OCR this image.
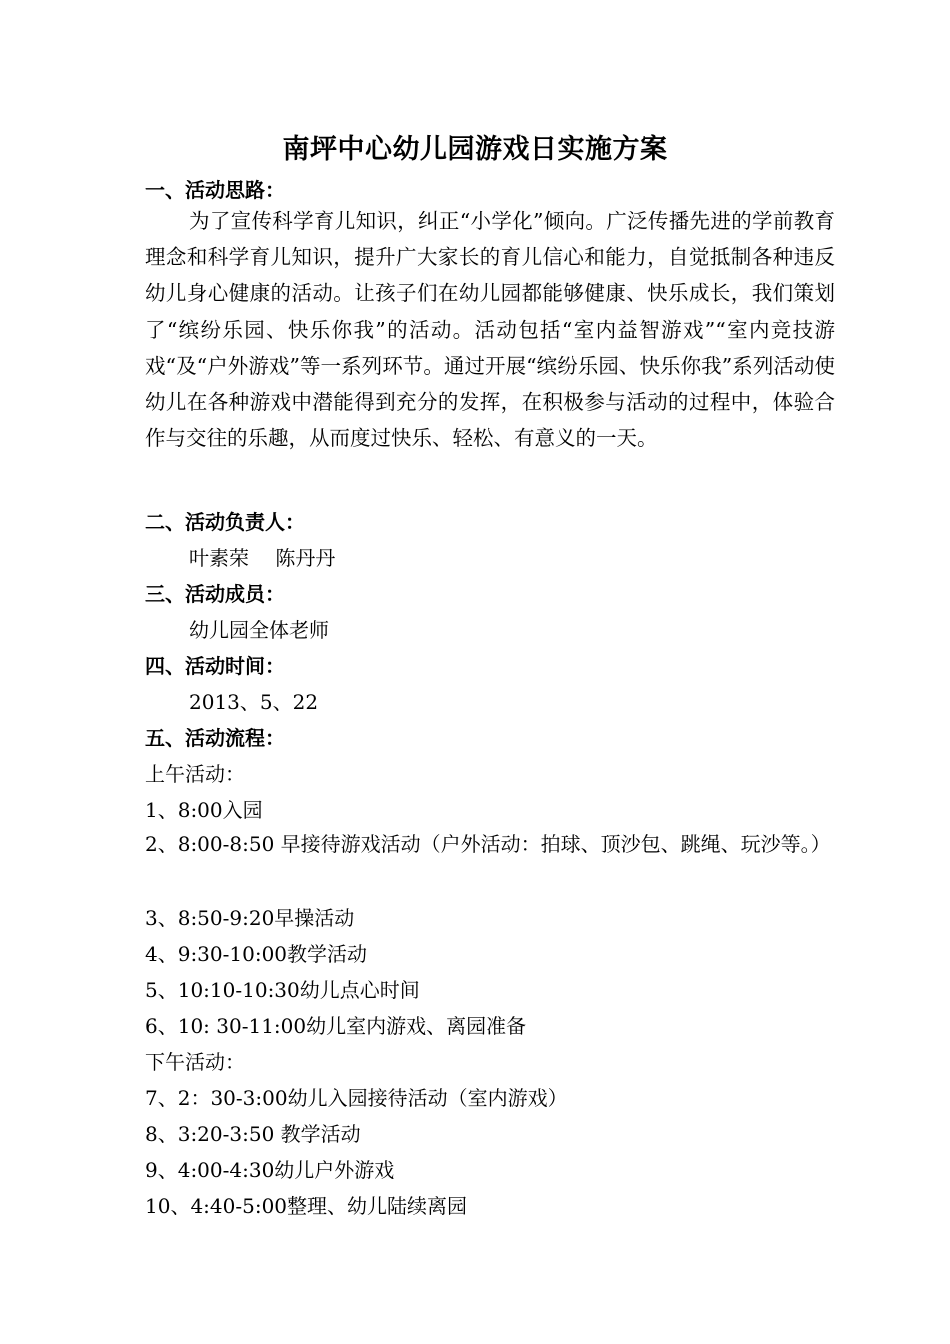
南坪中心幼儿园游戏日实施方案
一、活动思路：

为了宣传科学育儿知识，纠正“小学化”倾向。广泛传播先进的学前教育理念和科学育儿知识，提升广大家长的育儿信心和能力，自觉抵制各种违反幼儿身心健康的活动。让孩子们在幼儿园都能够健康、快乐成长，我们策划了“缤纷乐园、快乐你我”的活动。活动包括“室内益智游戏”“室内竞技游戏“及“户外游戏”等一系列环节。通过开展“缤纷乐园、快乐你我”系列活动使幼儿在各种游戏中潜能得到充分的发挥，在积极参与活动的过程中，体验合作与交往的乐趣，从而度过快乐、轻松、有意义的一天。

二、活动负责人：
叶素荣　 陈丹丹
三、活动成员：
幼儿园全体老师
四、活动时间：
2013、5、22
五、活动流程：
上午活动：
1、8:00入园
2、8:00-8:50 早接待游戏活动（户外活动：拍球、顶沙包、跳绳、玩沙等。）
3、8:50-9:20早操活动
4、9:30-10:00教学活动
5、10:10-10:30幼儿点心时间
6、10: 30-11:00幼儿室内游戏、离园准备
下午活动：
7、2：30-3:00幼儿入园接待活动（室内游戏）
8、3:20-3:50 教学活动
9、4:00-4:30幼儿户外游戏
10、4:40-5:00整理、幼儿陆续离园
